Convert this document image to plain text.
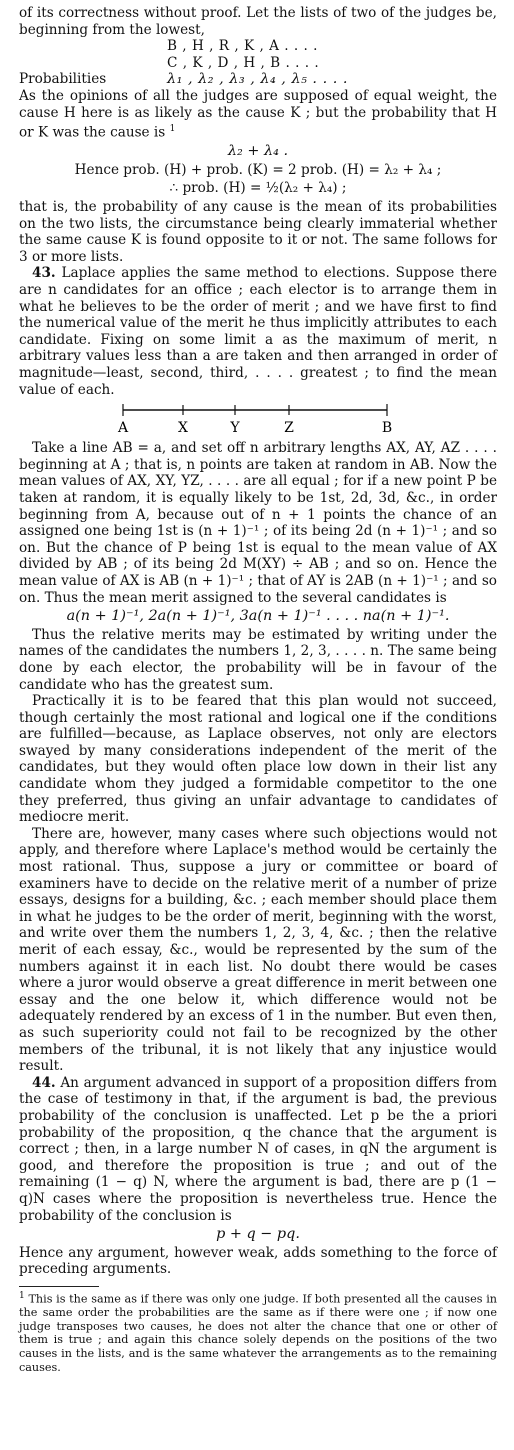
of its correctness without proof. Let the lists of two of the judges be, beginning from the lowest,

B , H , R , K , A . . . .

C , K , D , H , B . . . .

Probabilities	λ₁ , λ₂ , λ₃ , λ₄ , λ₅ . . . .

As the opinions of all the judges are supposed of equal weight, the cause H here is as likely as the cause K ; but the probability that H or K was the cause is $^1$

λ₂ + λ₄ .

Hence prob. (H) + prob. (K) = 2 prob. (H) = λ₂ + λ₄ ;

∴ prob. (H) = ½(λ₂ + λ₄) ;

that is, the probability of any cause is the mean of its probabilities on the two lists, the circumstance being clearly immaterial whether the same cause K is found opposite to it or not. The same follows for 3 or more lists.

43. Laplace applies the same method to elections. Suppose there are n candidates for an office ; each elector is to arrange them in what he believes to be the order of merit ; and we have first to find the numerical value of the merit he thus implicitly attributes to each candidate. Fixing on some limit a as the maximum of merit, n arbitrary values less than a are taken and then arranged in order of magnitude—least, second, third, . . . . greatest ; to find the mean value of each.

A	X	Y	Z	B

Take a line AB = a, and set off n arbitrary lengths AX, AY, AZ . . . . beginning at A ; that is, n points are taken at random in AB. Now the mean values of AX, XY, YZ, . . . . are all equal ; for if a new point P be taken at random, it is equally likely to be 1st, 2d, 3d, &c., in order beginning from A, because out of n + 1 points the chance of an assigned one being 1st is (n + 1)⁻¹ ; of its being 2d (n + 1)⁻¹ ; and so on. But the chance of P being 1st is equal to the mean value of AX divided by AB ; of its being 2d M(XY) ÷ AB ; and so on. Hence the mean value of AX is AB (n + 1)⁻¹ ; that of AY is 2AB (n + 1)⁻¹ ; and so on. Thus the mean merit assigned to the several candidates is

a(n + 1)⁻¹, 2a(n + 1)⁻¹, 3a(n + 1)⁻¹ . . . . na(n + 1)⁻¹.

Thus the relative merits may be estimated by writing under the names of the candidates the numbers 1, 2, 3, . . . . n. The same being done by each elector, the probability will be in favour of the candidate who has the greatest sum.

Practically it is to be feared that this plan would not succeed, though certainly the most rational and logical one if the conditions are fulfilled—because, as Laplace observes, not only are electors swayed by many considerations independent of the merit of the candidates, but they would often place low down in their list any candidate whom they judged a formidable competitor to the one they preferred, thus giving an unfair advantage to candidates of mediocre merit.

There are, however, many cases where such objections would not apply, and therefore where Laplace's method would be certainly the most rational. Thus, suppose a jury or committee or board of examiners have to decide on the relative merit of a number of prize essays, designs for a building, &c. ; each member should place them in what he judges to be the order of merit, beginning with the worst, and write over them the numbers 1, 2, 3, 4, &c. ; then the relative merit of each essay, &c., would be represented by the sum of the numbers against it in each list. No doubt there would be cases where a juror would observe a great difference in merit between one essay and the one below it, which difference would not be adequately rendered by an excess of 1 in the number. But even then, as such superiority could not fail to be recognized by the other members of the tribunal, it is not likely that any injustice would result.

44. An argument advanced in support of a proposition differs from the case of testimony in that, if the argument is bad, the previous probability of the conclusion is unaffected. Let p be the a priori probability of the proposition, q the chance that the argument is correct ; then, in a large number N of cases, in qN the argument is good, and therefore the proposition is true ; and out of the remaining (1 − q) N, where the argument is bad, there are p (1 − q)N cases where the proposition is nevertheless true. Hence the probability of the conclusion is

p + q − pq.

Hence any argument, however weak, adds something to the force of preceding arguments.

$^1$ This is the same as if there was only one judge. If both presented all the causes in the same order the probabilities are the same as if there were one ; if now one judge transposes two causes, he does not alter the chance that one or other of them is true ; and again this chance solely depends on the positions of the two causes in the lists, and is the same whatever the arrangements as to the remaining causes.
